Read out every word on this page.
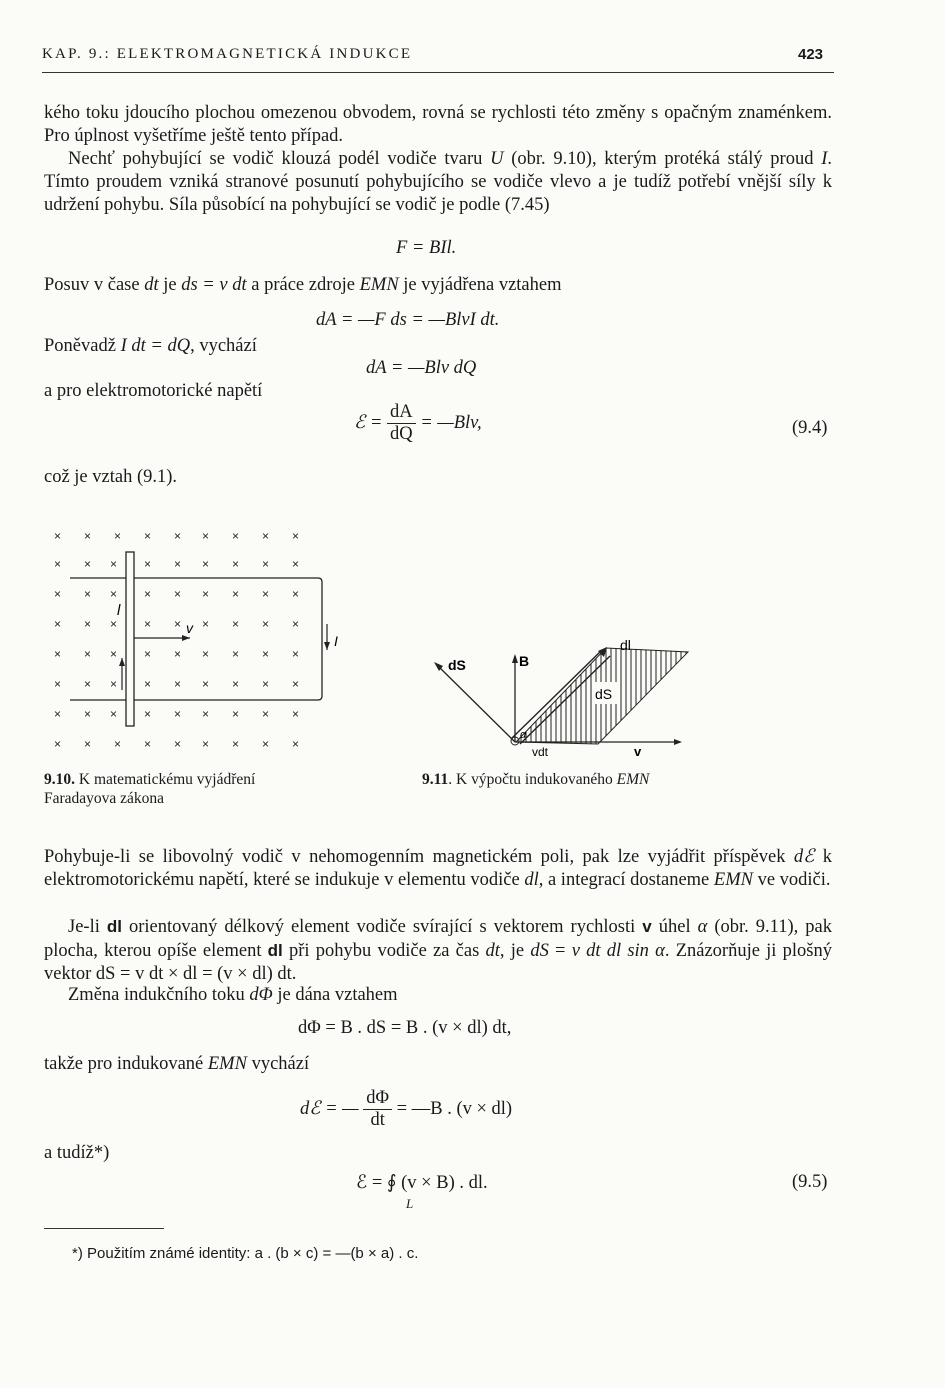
KAP. 9.: ELEKTROMAGNETICKÁ INDUKCE	423
kého toku jdoucího plochou omezenou obvodem, rovná se rychlosti této změny s opačným znaménkem. Pro úplnost vyšetříme ještě tento případ.
Nechť pohybující se vodič klouzá podél vodiče tvaru U (obr. 9.10), kterým protéká stálý proud I. Tímto proudem vzniká stranové posunutí pohybujícího se vodiče vlevo a je tudíž potřebí vnější síly k udržení pohybu. Síla působící na pohybující se vodič je podle (7.45)
F = BIl.
Posuv v čase dt je ds = v dt a práce zdroje EMN je vyjádřena vztahem
dA = —F ds = —BlvI dt.
Poněvadž I dt = dQ, vychází
dA = —Blv dQ
a pro elektromotorické napětí
ℰ = $\frac{dA}{dQ}$ = —Blv,	(9.4)
což je vztah (9.1).
× × × × × × × × ×
× ×	× × × × × ×
×
× ×	× × × × × ×
×
× ×	× × × × × ×
×
× ×	× × × × × ×
×
× ×	× × × × × ×
×
× ×	× × × × × ×
×
× × × × × × × × ×
l
v
I
9.10. K matematickému vyjádření
Faradayova zákona
dS	B
dl
dS
α
vdt	v
9.11. K výpočtu indukovaného EMN
Pohybuje-li se libovolný vodič v nehomogenním magnetickém poli, pak lze vyjádřit příspěvek dℰ k elektromotorickému napětí, které se indukuje v elementu vodiče dl, a integrací dostaneme EMN ve vodiči.
Je-li dl orientovaný délkový element vodiče svírající s vektorem rychlosti v úhel α (obr. 9.11), pak plocha, kterou opíše element dl při pohybu vodiče za čas dt, je dS = v dt dl sin α. Znázorňuje ji plošný vektor dS = v dt × dl = (v × dl) dt.
Změna indukčního toku dΦ je dána vztahem
dΦ = B . dS = B . (v × dl) dt,
takže pro indukované EMN vychází
dℰ = — $\frac{d\Phi}{dt}$ = —B . (v × dl)
a tudíž*)
ℰ = ∮ (v × B) . dl.
L
(9.5)
*) Použitím známé identity: a . (b × c) = —(b × a) . c.
